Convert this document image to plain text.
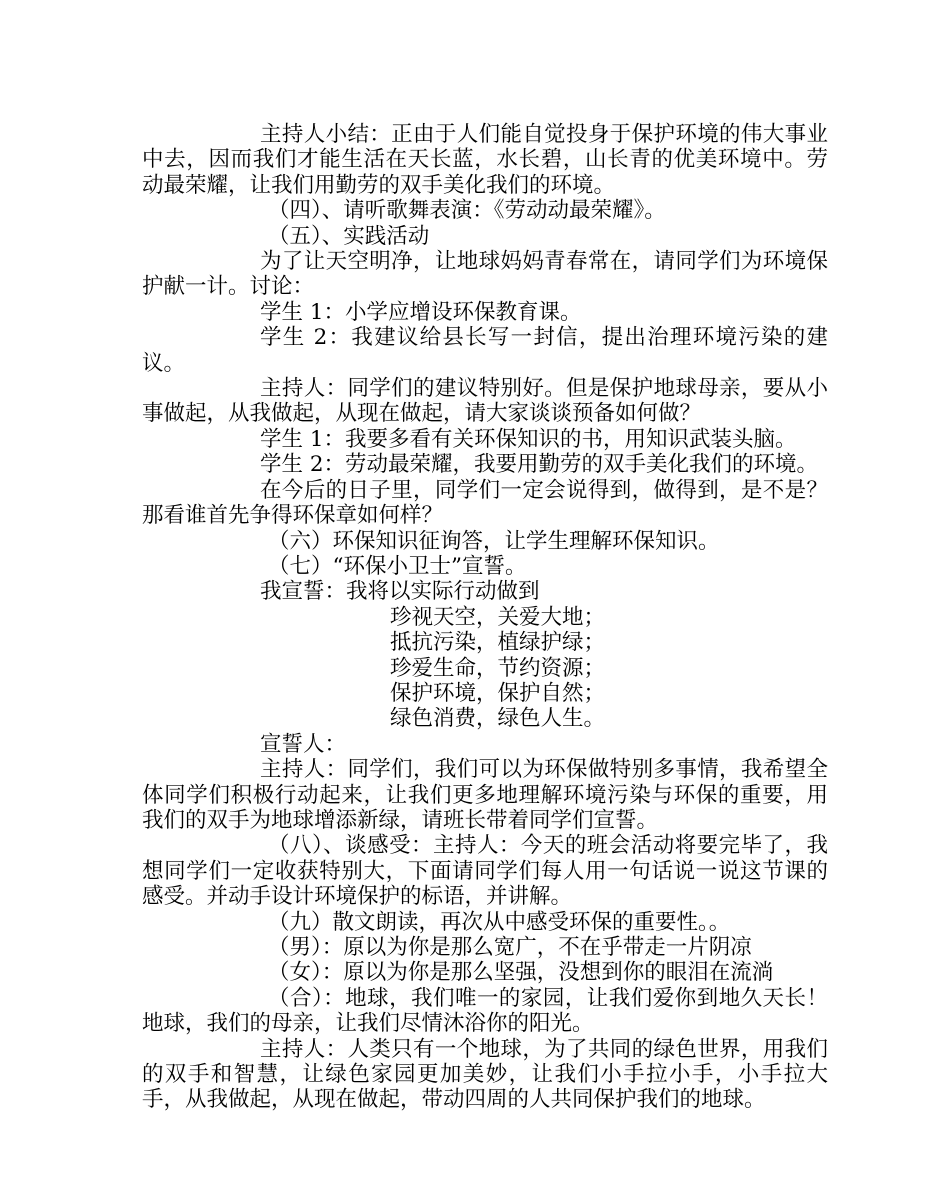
主持人小结：正由于人们能自觉投身于保护环境的伟大事业中去，因而我们才能生活在天长蓝，水长碧，山长青的优美环境中。劳动最荣耀，让我们用勤劳的双手美化我们的环境。

（四）、请听歌舞表演：《劳动动最荣耀》。

（五）、实践活动

为了让天空明净，让地球妈妈青春常在，请同学们为环境保护献一计。讨论：

学生 1：小学应增设环保教育课。

学生 2：我建议给县长写一封信，提出治理环境污染的建议。

主持人：同学们的建议特别好。但是保护地球母亲，要从小事做起，从我做起，从现在做起，请大家谈谈预备如何做？

学生 1：我要多看有关环保知识的书，用知识武装头脑。

学生 2：劳动最荣耀，我要用勤劳的双手美化我们的环境。

在今后的日子里，同学们一定会说得到，做得到，是不是？那看谁首先争得环保章如何样？

（六）环保知识征询答，让学生理解环保知识。

（七）“环保小卫士”宣誓。

我宣誓：我将以实际行动做到

珍视天空，关爱大地；

抵抗污染，植绿护绿；

珍爱生命，节约资源；

保护环境，保护自然；

绿色消费，绿色人生。

宣誓人：

主持人：同学们，我们可以为环保做特别多事情，我希望全体同学们积极行动起来，让我们更多地理解环境污染与环保的重要，用我们的双手为地球增添新绿，请班长带着同学们宣誓。

（八）、谈感受：主持人：今天的班会活动将要完毕了，我想同学们一定收获特别大，下面请同学们每人用一句话说一说这节课的感受。并动手设计环境保护的标语，并讲解。

（九）散文朗读，再次从中感受环保的重要性。。

（男）：原以为你是那么宽广，不在乎带走一片阴凉

（女）：原以为你是那么坚强，没想到你的眼泪在流淌

（合）：地球，我们唯一的家园，让我们爱你到地久天长！地球，我们的母亲，让我们尽情沐浴你的阳光。

主持人：人类只有一个地球，为了共同的绿色世界，用我们的双手和智慧，让绿色家园更加美妙，让我们小手拉小手，小手拉大手，从我做起，从现在做起，带动四周的人共同保护我们的地球。
